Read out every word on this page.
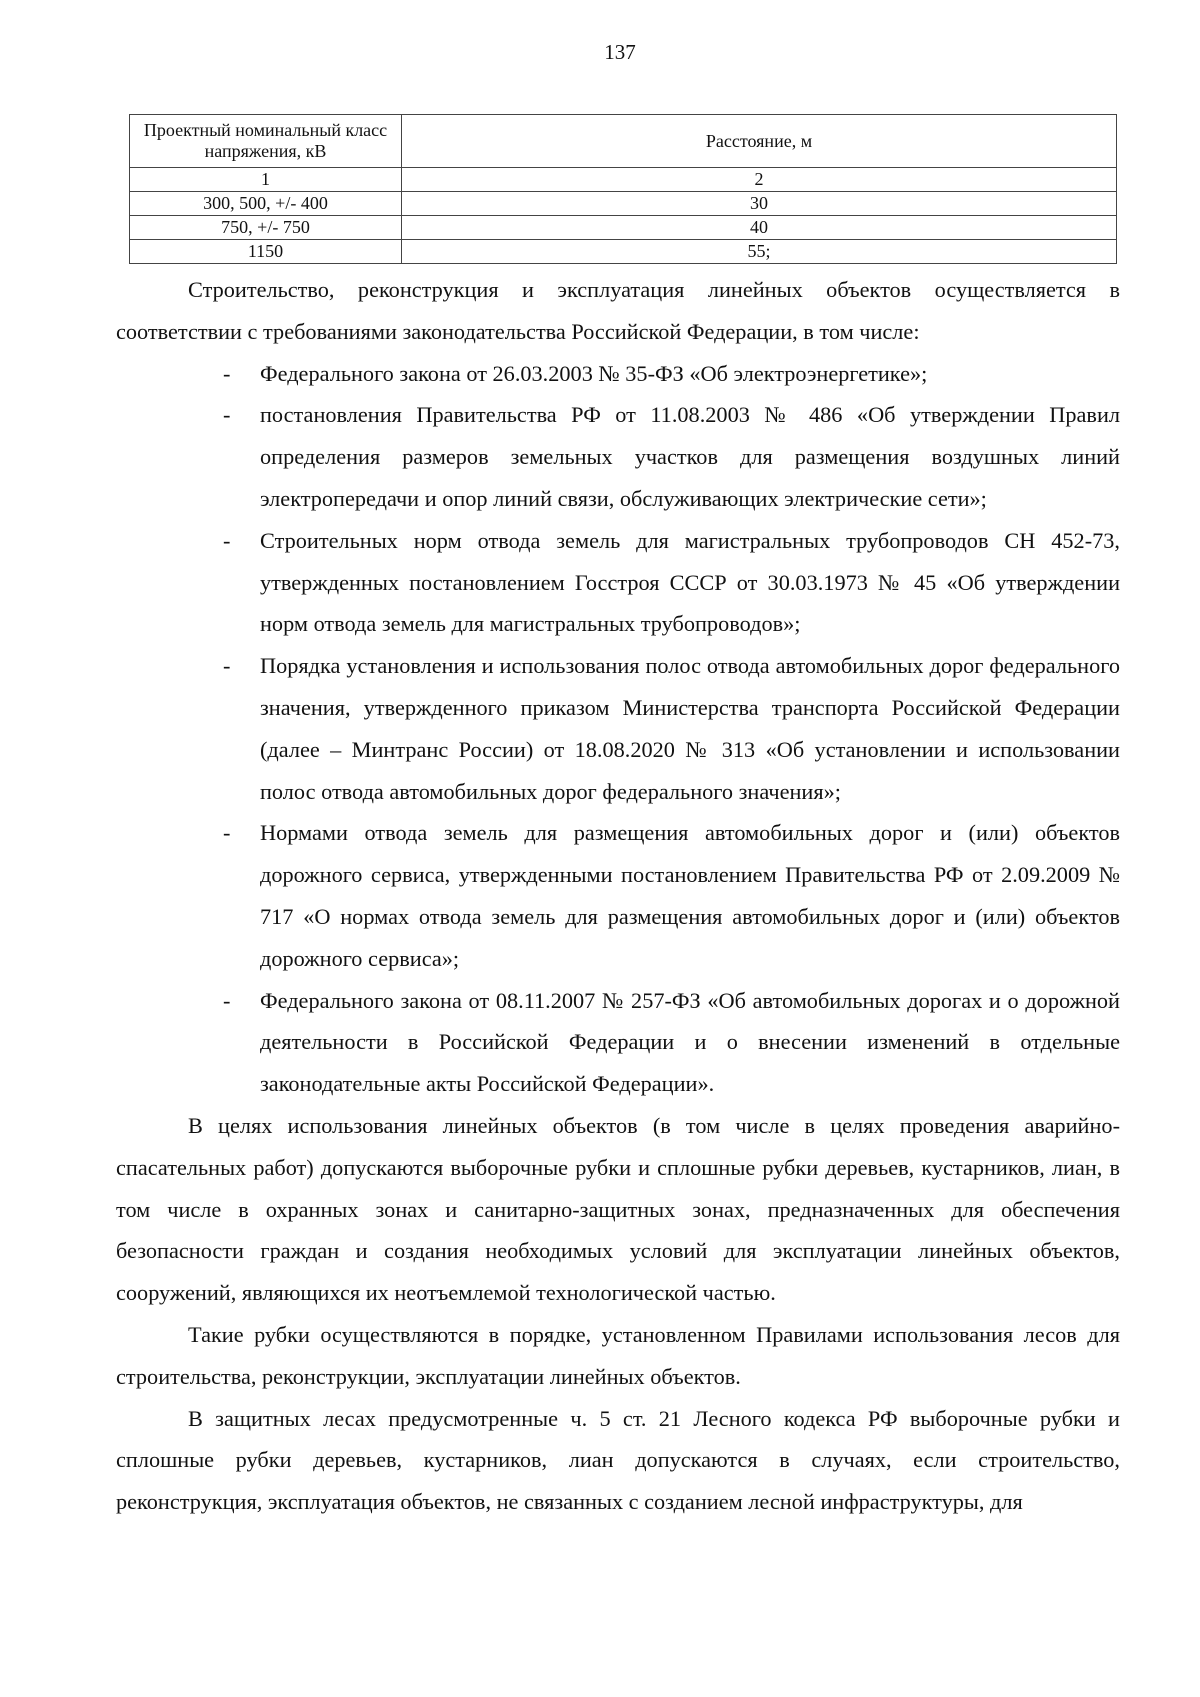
137
Проектный номинальный класс напряжения, кВ	Расстояние, м
1	2
300, 500, +/- 400	30
750, +/- 750	40
1150	55;

Строительство, реконструкция и эксплуатация линейных объектов осуществляется в соответствии с требованиями законодательства Российской Федерации, в том числе:

- Федерального закона от 26.03.2003 № 35-ФЗ «Об электроэнергетике»;
- постановления Правительства РФ от 11.08.2003 № 486 «Об утверждении Правил определения размеров земельных участков для размещения воздушных линий электропередачи и опор линий связи, обслуживающих электрические сети»;
- Строительных норм отвода земель для магистральных трубопроводов СН 452-73, утвержденных постановлением Госстроя СССР от 30.03.1973 № 45 «Об утверждении норм отвода земель для магистральных трубопроводов»;
- Порядка установления и использования полос отвода автомобильных дорог федерального значения, утвержденного приказом Министерства транспорта Российской Федерации (далее – Минтранс России) от 18.08.2020 № 313 «Об установлении и использовании полос отвода автомобильных дорог федерального значения»;
- Нормами отвода земель для размещения автомобильных дорог и (или) объектов дорожного сервиса, утвержденными постановлением Правительства РФ от 2.09.2009 № 717 «О нормах отвода земель для размещения автомобильных дорог и (или) объектов дорожного сервиса»;
- Федерального закона от 08.11.2007 № 257-ФЗ «Об автомобильных дорогах и о дорожной деятельности в Российской Федерации и о внесении изменений в отдельные законодательные акты Российской Федерации».

В целях использования линейных объектов (в том числе в целях проведения аварийно-спасательных работ) допускаются выборочные рубки и сплошные рубки деревьев, кустарников, лиан, в том числе в охранных зонах и санитарно-защитных зонах, предназначенных для обеспечения безопасности граждан и создания необходимых условий для эксплуатации линейных объектов, сооружений, являющихся их неотъемлемой технологической частью.

Такие рубки осуществляются в порядке, установленном Правилами использования лесов для строительства, реконструкции, эксплуатации линейных объектов.

В защитных лесах предусмотренные ч. 5 ст. 21 Лесного кодекса РФ выборочные рубки и сплошные рубки деревьев, кустарников, лиан допускаются в случаях, если строительство, реконструкция, эксплуатация объектов, не связанных с созданием лесной инфраструктуры, для
